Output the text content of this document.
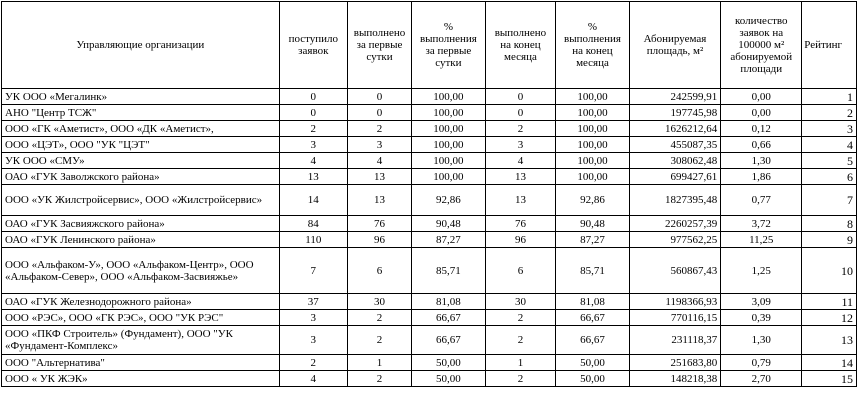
Управляющие организации	поступило заявок	выполнено за первые сутки	% выполнения за первые сутки	выполнено на конец месяца	% выполнения на конец месяца	Абонируемая площадь, м²	количество заявок на 100000 м² абонируемой площади	Рейтинг
УК ООО «Мегалинк»	0	0	100,00	0	100,00	242599,91	0,00	1
АНО "Центр ТСЖ"	0	0	100,00	0	100,00	197745,98	0,00	2
ООО «ГК «Аметист», ООО «ДК «Аметист»,	2	2	100,00	2	100,00	1626212,64	0,12	3
ООО «ЦЭТ», ООО "УК "ЦЭТ"	3	3	100,00	3	100,00	455087,35	0,66	4
УК ООО «СМУ»	4	4	100,00	4	100,00	308062,48	1,30	5
ОАО «ГУК Заволжского района»	13	13	100,00	13	100,00	699427,61	1,86	6
ООО «УК Жилстройсервис», ООО «Жилстройсервис»	14	13	92,86	13	92,86	1827395,48	0,77	7
ОАО «ГУК Засвияжского района»	84	76	90,48	76	90,48	2260257,39	3,72	8
ОАО «ГУК Ленинского района»	110	96	87,27	96	87,27	977562,25	11,25	9
ООО «Альфаком-У», ООО «Альфаком-Центр», ООО «Альфаком-Север», ООО «Альфаком-Засвияжье»	7	6	85,71	6	85,71	560867,43	1,25	10
ОАО «ГУК Железнодорожного района»	37	30	81,08	30	81,08	1198366,93	3,09	11
ООО «РЭС», ООО «ГК РЭС», ООО "УК РЭС"	3	2	66,67	2	66,67	770116,15	0,39	12
ООО «ПКФ Строитель» (Фундамент), ООО "УК «Фундамент-Комплекс»	3	2	66,67	2	66,67	231118,37	1,30	13
ООО "Альтернатива"	2	1	50,00	1	50,00	251683,80	0,79	14
ООО « УК ЖЭК»	4	2	50,00	2	50,00	148218,38	2,70	15
